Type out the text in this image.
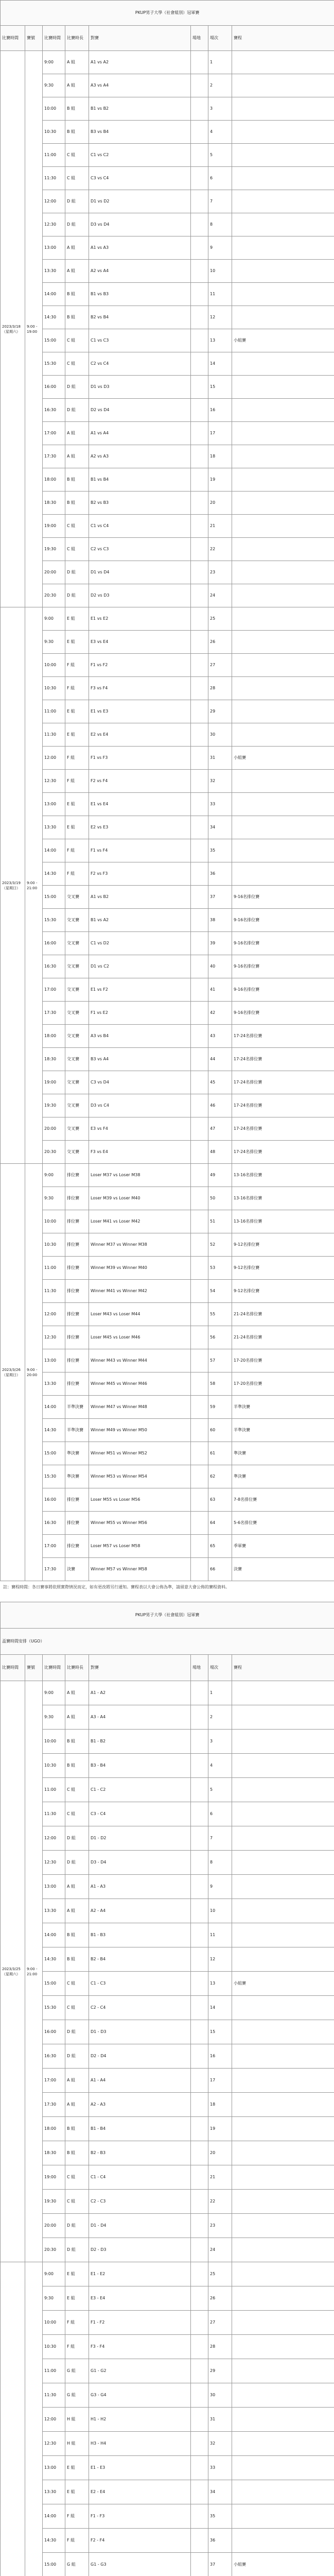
PKUP男子大學（社會組別）冠軍賽							
比賽時間	賽號	比賽時間	比賽時長	對賽	場地	場次	賽程
2023/3/18（星期六）	9:00 - 19:00	9:00	A 組	A1 vs A2		1	
		9:30	A 組	A3 vs A4		2	
		10:00	B 組	B1 vs B2		3	
		10:30	B 組	B3 vs B4		4	
		11:00	C 組	C1 vs C2		5	
		11:30	C 組	C3 vs C4		6	
		12:00	D 組	D1 vs D2		7	
		12:30	D 組	D3 vs D4		8	
		13:00	A 組	A1 vs A3		9	
		13:30	A 組	A2 vs A4		10	
		14:00	B 組	B1 vs B3		11	
		14:30	B 組	B2 vs B4		12	
		15:00	C 組	C1 vs C3		13	小組賽
		15:30	C 組	C2 vs C4		14	
		16:00	D 組	D1 vs D3		15	
		16:30	D 組	D2 vs D4		16	
		17:00	A 組	A1 vs A4		17	
		17:30	A 組	A2 vs A3		18	
		18:00	B 組	B1 vs B4		19	
		18:30	B 組	B2 vs B3		20	
		19:00	C 組	C1 vs C4		21	
		19:30	C 組	C2 vs C3		22	
		20:00	D 組	D1 vs D4		23	
		20:30	D 組	D2 vs D3		24	
2023/3/19（星期日）	9:00 - 21:00	9:00	E 組	E1 vs E2		25	
		9:30	E 組	E3 vs E4		26	
		10:00	F 組	F1 vs F2		27	
		10:30	F 組	F3 vs F4		28	
		11:00	E 組	E1 vs E3		29	
		11:30	E 組	E2 vs E4		30	
		12:00	F 組	F1 vs F3		31	小組賽
		12:30	F 組	F2 vs F4		32	
		13:00	E 組	E1 vs E4		33	
		13:30	E 組	E2 vs E3		34	
		14:00	F 組	F1 vs F4		35	
		14:30	F 組	F2 vs F3		36	
		15:00	交叉賽	A1 vs B2		37	9-16名排位賽
		15:30	交叉賽	B1 vs A2		38	9-16名排位賽
		16:00	交叉賽	C1 vs D2		39	9-16名排位賽
		16:30	交叉賽	D1 vs C2		40	9-16名排位賽
		17:00	交叉賽	E1 vs F2		41	9-16名排位賽
		17:30	交叉賽	F1 vs E2		42	9-16名排位賽
		18:00	交叉賽	A3 vs B4		43	17-24名排位賽
		18:30	交叉賽	B3 vs A4		44	17-24名排位賽
		19:00	交叉賽	C3 vs D4		45	17-24名排位賽
		19:30	交叉賽	D3 vs C4		46	17-24名排位賽
		20:00	交叉賽	E3 vs F4		47	17-24名排位賽
		20:30	交叉賽	F3 vs E4		48	17-24名排位賽
2023/3/26（星期日）	9:00 - 20:00	9:00	排位賽	Loser M37 vs Loser M38		49	13-16名排位賽
		9:30	排位賽	Loser M39 vs Loser M40		50	13-16名排位賽
		10:00	排位賽	Loser M41 vs Loser M42		51	13-16名排位賽
		10:30	排位賽	Winner M37 vs Winner M38		52	9-12名排位賽
		11:00	排位賽	Winner M39 vs Winner M40		53	9-12名排位賽
		11:30	排位賽	Winner M41 vs Winner M42		54	9-12名排位賽
		12:00	排位賽	Loser M43 vs Loser M44		55	21-24名排位賽
		12:30	排位賽	Loser M45 vs Loser M46		56	21-24名排位賽
		13:00	排位賽	Winner M43 vs Winner M44		57	17-20名排位賽
		13:30	排位賽	Winner M45 vs Winner M46		58	17-20名排位賽
		14:00	半準決賽	Winner M47 vs Winner M48		59	半準決賽
		14:30	半準決賽	Winner M49 vs Winner M50		60	半準決賽
		15:00	準決賽	Winner M51 vs Winner M52		61	準決賽
		15:30	準決賽	Winner M53 vs Winner M54		62	準決賽
		16:00	排位賽	Loser M55 vs Loser M56		63	7-8名排位賽
		16:30	排位賽	Winner M55 vs Winner M56		64	5-6名排位賽
		17:00	排位賽	Loser M57 vs Loser M58		65	季軍賽
		17:30	決賽	Winner M57 vs Winner M58		66	決賽
註：賽程時間：各日賽事將依照實際情況而定，如有更改將另行通知。賽程表以大會公佈為準，請留意大會公佈的賽程資料。
PKUP男子大學（社會組別）冠軍賽							
盃賽時間安排（UGO）							
比賽時間	賽號	比賽時間	比賽時長	對賽	場地	場次	賽程
2023/3/25（星期六）	9:00 - 21:00	9:00	A 組	A1 - A2		1	
		9:30	A 組	A3 - A4		2	
		10:00	B 組	B1 - B2		3	
		10:30	B 組	B3 - B4		4	
		11:00	C 組	C1 - C2		5	
		11:30	C 組	C3 - C4		6	
		12:00	D 組	D1 - D2		7	
		12:30	D 組	D3 - D4		8	
		13:00	A 組	A1 - A3		9	
		13:30	A 組	A2 - A4		10	
		14:00	B 組	B1 - B3		11	
		14:30	B 組	B2 - B4		12	
		15:00	C 組	C1 - C3		13	小組賽
		15:30	C 組	C2 - C4		14	
		16:00	D 組	D1 - D3		15	
		16:30	D 組	D2 - D4		16	
		17:00	A 組	A1 - A4		17	
		17:30	A 組	A2 - A3		18	
		18:00	B 組	B1 - B4		19	
		18:30	B 組	B2 - B3		20	
		19:00	C 組	C1 - C4		21	
		19:30	C 組	C2 - C3		22	
		20:00	D 組	D1 - D4		23	
		20:30	D 組	D2 - D3		24	
		9:00	E 組	E1 - E2		25	
		9:30	E 組	E3 - E4		26	
		10:00	F 組	F1 - F2		27	
		10:30	F 組	F3 - F4		28	
		11:00	G 組	G1 - G2		29	
		11:30	G 組	G3 - G4		30	
		12:00	H 組	H1 - H2		31	
		12:30	H 組	H3 - H4		32	
		13:00	E 組	E1 - E3		33	
		13:30	E 組	E2 - E4		34	
		14:00	F 組	F1 - F3		35	
		14:30	F 組	F2 - F4		36	
		15:00	G 組	G1 - G3		37	小組賽
